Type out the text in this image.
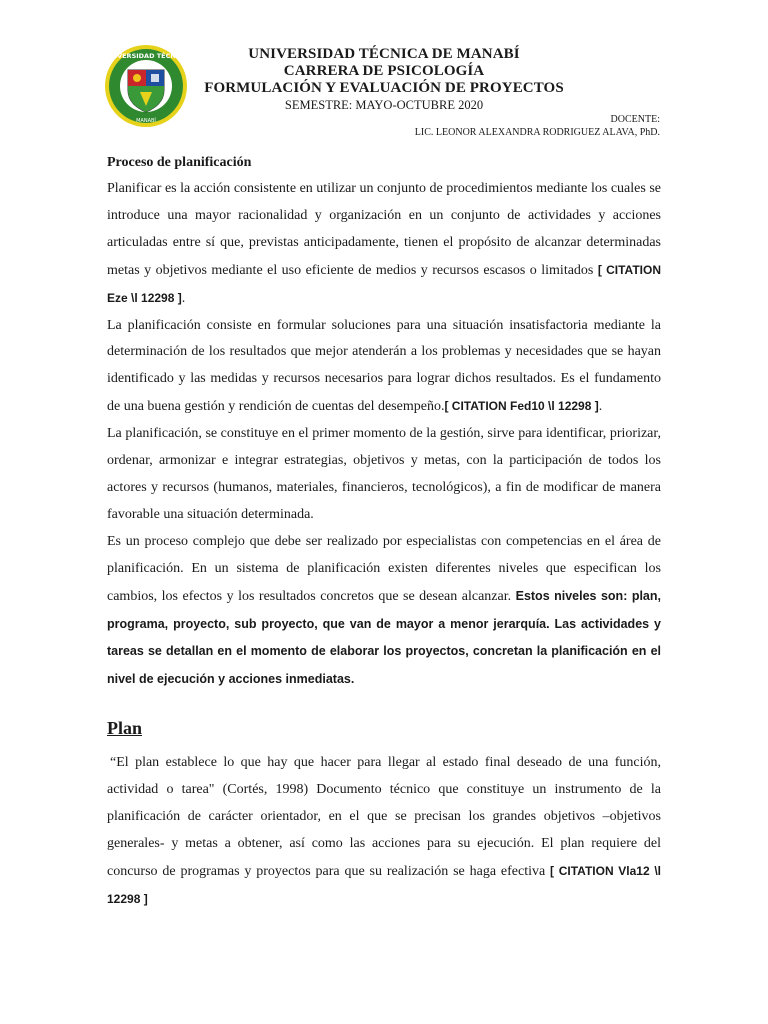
UNIVERSIDAD TÉCNICA
MANABÍ
UNIVERSIDAD TÉCNICA DE MANABÍ
CARRERA DE PSICOLOGÍA
FORMULACIÓN Y EVALUACIÓN DE PROYECTOS
SEMESTRE: MAYO-OCTUBRE 2020
DOCENTE:
LIC. LEONOR ALEXANDRA RODRIGUEZ ALAVA, PhD.
Proceso de planificación

Planificar es la acción consistente en utilizar un conjunto de procedimientos mediante los cuales se introduce una mayor racionalidad y organización en un conjunto de actividades y acciones articuladas entre sí que, previstas anticipadamente, tienen el propósito de alcanzar determinadas metas y objetivos mediante el uso eficiente de medios y recursos escasos o limitados [ CITATION Eze \l 12298 ].

La planificación consiste en formular soluciones para una situación insatisfactoria mediante la determinación de los resultados que mejor atenderán a los problemas y necesidades que se hayan identificado y las medidas y recursos necesarios para lograr dichos resultados. Es el fundamento de una buena gestión y rendición de cuentas del desempeño.[ CITATION Fed10 \l 12298 ].

La planificación, se constituye en el primer momento de la gestión, sirve para identificar, priorizar, ordenar, armonizar e integrar estrategias, objetivos y metas, con la participación de todos los actores y recursos (humanos, materiales, financieros, tecnológicos), a fin de modificar de manera favorable una situación determinada.

Es un proceso complejo que debe ser realizado por especialistas con competencias en el área de planificación. En un sistema de planificación existen diferentes niveles que especifican los cambios, los efectos y los resultados concretos que se desean alcanzar. Estos niveles son: plan, programa, proyecto, sub proyecto, que van de mayor a menor jerarquía. Las actividades y tareas se detallan en el momento de elaborar los proyectos, concretan la planificación en el nivel de ejecución y acciones inmediatas.

Plan

“El plan establece lo que hay que hacer para llegar al estado final deseado de una función, actividad o tarea" (Cortés, 1998) Documento técnico que constituye un instrumento de la planificación de carácter orientador, en el que se precisan los grandes objetivos –objetivos generales- y metas a obtener, así como las acciones para su ejecución. El plan requiere del concurso de programas y proyectos para que su realización se haga efectiva [ CITATION Vla12 \l 12298 ]
